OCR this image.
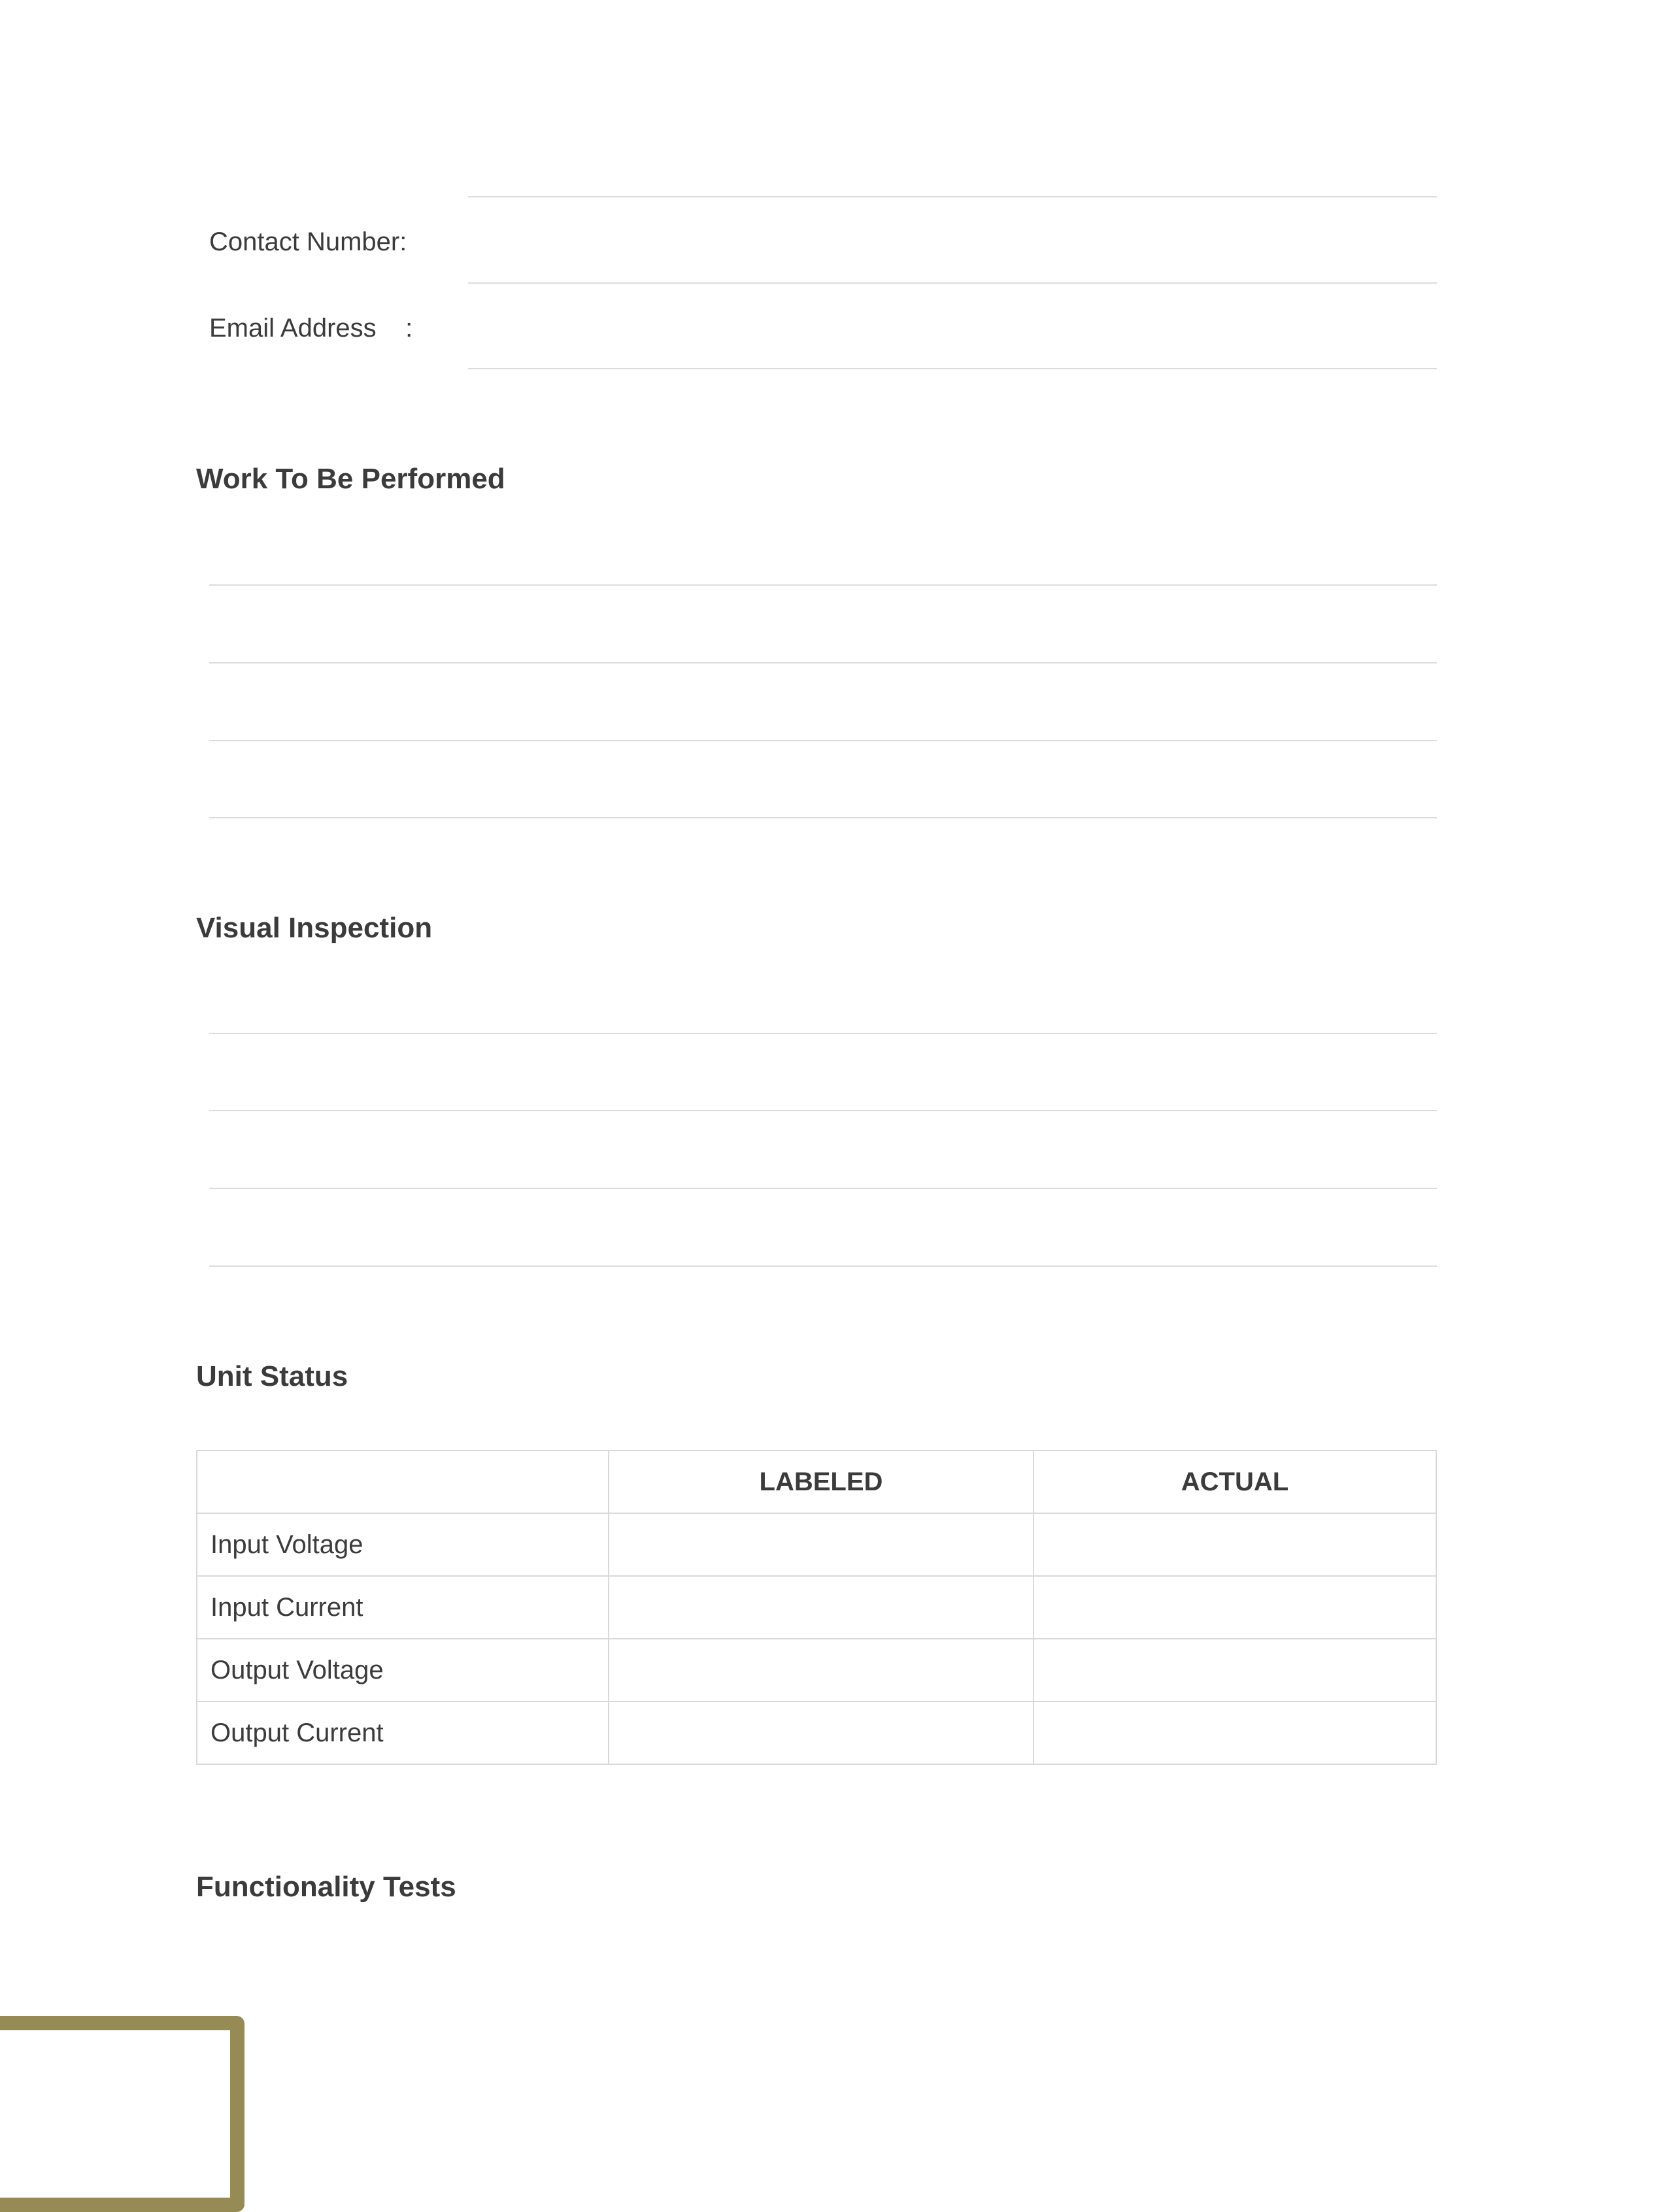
Contact Number:
Email Address    :
Work To Be Performed
Visual Inspection
Unit Status
	LABELED	ACTUAL
Input Voltage		
Input Current		
Output Voltage		
Output Current		
Functionality Tests
